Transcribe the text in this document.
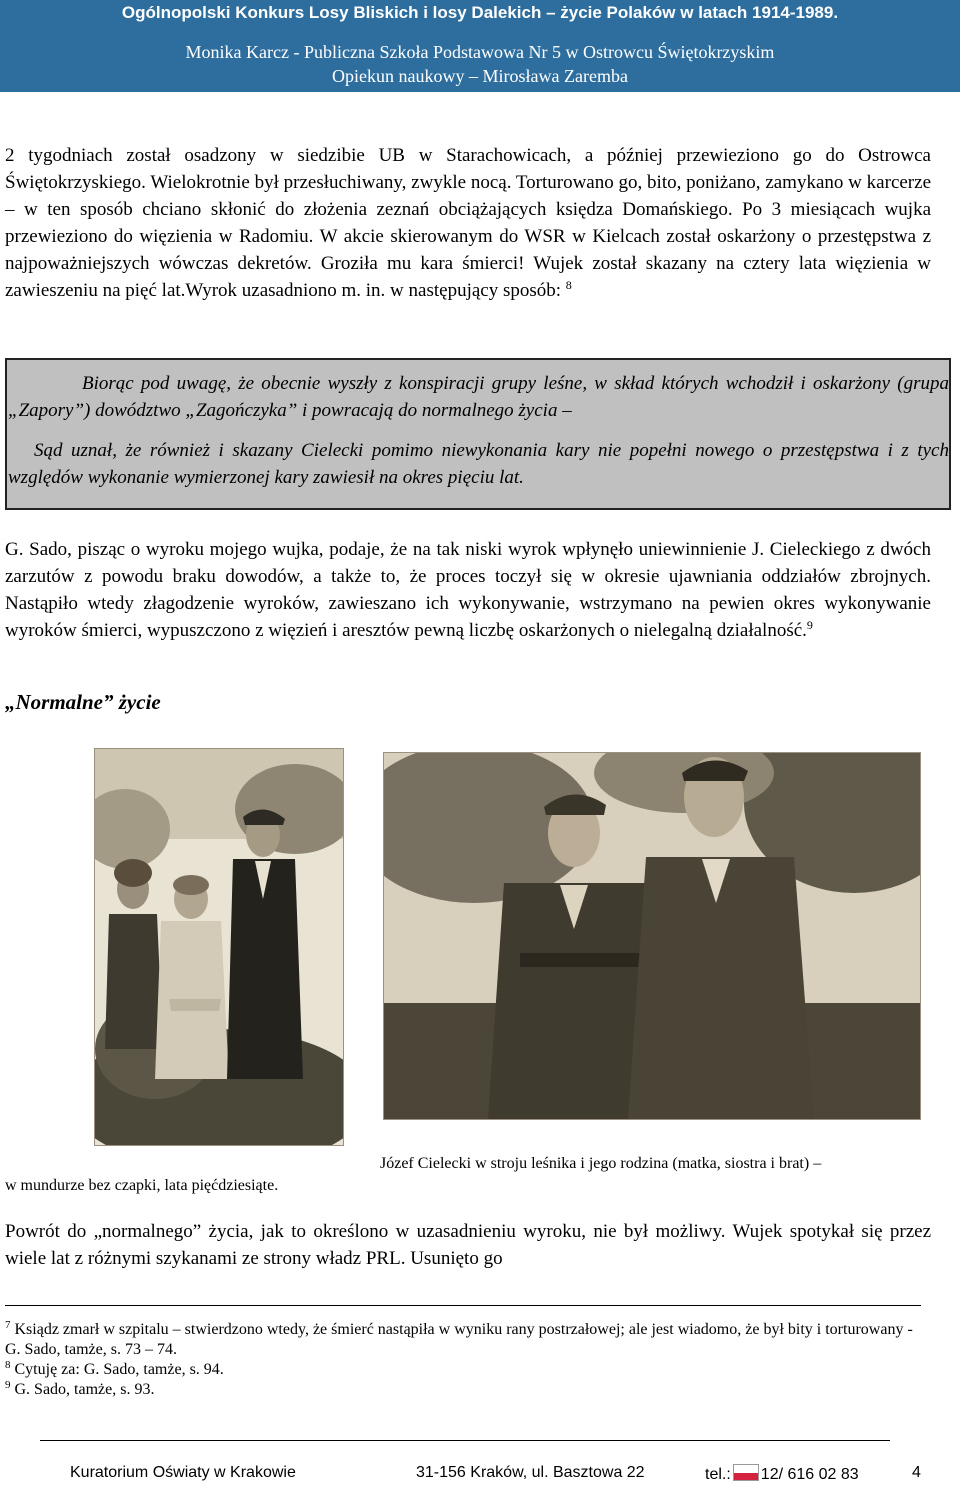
Ogólnopolski Konkurs Losy Bliskich i losy Dalekich – życie Polaków w latach 1914-1989.
Monika Karcz - Publiczna Szkoła Podstawowa Nr 5 w Ostrowcu Świętokrzyskim
Opiekun naukowy – Mirosława Zaremba
2 tygodniach został osadzony w siedzibie UB w Starachowicach, a później przewieziono go do Ostrowca Świętokrzyskiego. Wielokrotnie był przesłuchiwany, zwykle nocą. Torturowano go, bito, poniżano, zamykano w karcerze – w ten sposób chciano skłonić do złożenia zeznań obciążających księdza Domańskiego. Po 3 miesiącach wujka przewieziono do więzienia w Radomiu. W akcie skierowanym do WSR w Kielcach został oskarżony o przestępstwa z najpoważniejszych wówczas dekretów. Groziła mu kara śmierci! Wujek został skazany na cztery lata więzienia w zawieszeniu na pięć lat.Wyrok uzasadniono m. in. w następujący sposób: $^8$

Biorąc pod uwagę, że obecnie wyszły z konspiracji grupy leśne, w skład których wchodził i oskarżony (grupa „Zapory”) dowództwo „Zagończyka” i powracają do normalnego życia –

Sąd uznał, że również i skazany Cielecki pomimo niewykonania kary nie popełni nowego o przestępstwa i z tych względów wykonanie wymierzonej kary zawiesił na okres pięciu lat.

G. Sado, pisząc o wyroku mojego wujka, podaje, że na tak niski wyrok wpłynęło uniewinnienie J. Cieleckiego z dwóch zarzutów z powodu braku dowodów, a także to, że proces toczył się w okresie ujawniania oddziałów zbrojnych. Nastąpiło wtedy złagodzenie wyroków, zawieszano ich wykonywanie, wstrzymano na pewien okres wykonywanie wyroków śmierci, wypuszczono z więzień i aresztów pewną liczbę oskarżonych o nielegalną działalność.$^9$
„Normalne” życie
Józef Cielecki w stroju leśnika i jego rodzina (matka, siostra i brat) –
w mundurze bez czapki, lata pięćdziesiąte.
Powrót do „normalnego” życia, jak to określono w uzasadnieniu wyroku, nie był możliwy. Wujek spotykał się przez wiele lat z różnymi szykanami ze strony władz PRL. Usunięto go
$^7$ Ksiądz zmarł w szpitalu – stwierdzono wtedy, że śmierć nastąpiła w wyniku rany postrzałowej; ale jest wiadomo, że był bity i torturowany - G. Sado, tamże, s. 73 – 74.
$^8$ Cytuję za: G. Sado, tamże, s. 94.
$^9$ G. Sado, tamże, s. 93.
Kuratorium Oświaty w Krakowie	31-156 Kraków, ul. Basztowa 22	tel.: 12/ 616 02 83	4
